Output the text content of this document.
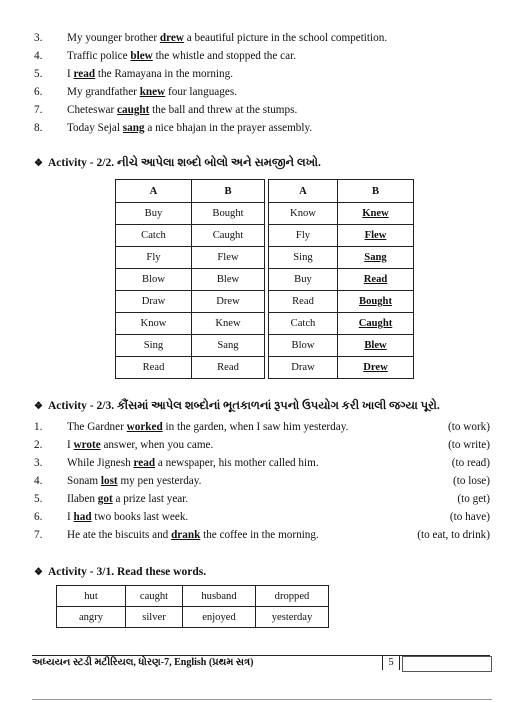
3.	My younger brother drew a beautiful picture in the school competition.
4.	Traffic police blew the whistle and stopped the car.
5.	I read the Ramayana in the morning.
6.	My grandfather knew four languages.
7.	Cheteswar caught the ball and threw at the stumps.
8.	Today Sejal sang a nice bhajan in the prayer assembly.
❖ Activity - 2/2. નીચે આપેલા શબ્દો બોલો અને સમજીને લખો.
A	B
Buy	Bought
Catch	Caught
Fly	Flew
Blow	Blew
Draw	Drew
Know	Knew
Sing	Sang
Read	Read
A	B
Know	Knew
Fly	Flew
Sing	Sang
Buy	Read
Read	Bought
Catch	Caught
Blow	Blew
Draw	Drew
❖ Activity - 2/3. કૌંસમાં આપેલ શબ્દોનાં ભૂતકાળનાં રૂપનો ઉપયોગ કરી ખાલી જગ્યા પૂરો.
1.	The Gardner worked in the garden, when I saw him yesterday.	(to work)
2.	I wrote answer, when you came.	(to write)
3.	While Jignesh read a newspaper, his mother called him.	(to read)
4.	Sonam lost my pen yesterday.	(to lose)
5.	Ilaben got a prize last year.	(to get)
6.	I had two books last week.	(to have)
7.	He ate the biscuits and drank the coffee in the morning.	(to eat, to drink)
❖ Activity - 3/1. Read these words.
hut	caught	husband	dropped
angry	silver	enjoyed	yesterday
અધ્યયન સ્ટડી મટીરિયલ, ધોરણ-7, English (પ્રથમ સત્ર)	5
